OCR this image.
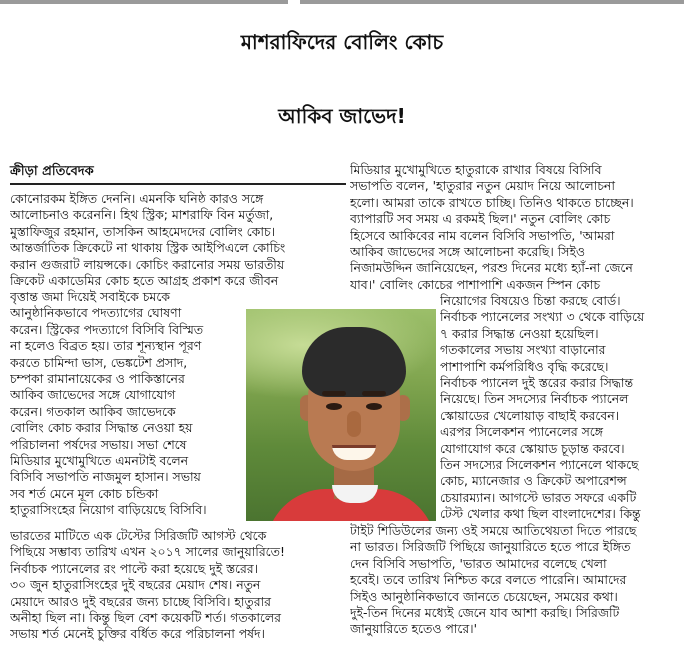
মাশরাফিদের বোলিং কোচ
আকিব জাভেদ!
ক্রীড়া প্রতিবেদক

কোনোরকম ইঙ্গিত দেননি। এমনকি ঘনিষ্ঠ কারও সঙ্গে

আলোচনাও করেননি। হিথ স্ট্রিক; মাশরাফি বিন মর্তুজা,

মুস্তাফিজুর রহমান, তাসকিন আহমেদদের বোলিং কোচ।

আন্তর্জাতিক ক্রিকেটে না থাকায় স্ট্রিক আইপিএলে কোচিং

করান গুজরাট লায়ন্সকে। কোচিং করানোর সময় ভারতীয়

ক্রিকেট একাডেমির কোচ হতে আগ্রহ প্রকাশ করে জীবন

বৃত্তান্ত জমা দিয়েই সবাইকে চমকে

আনুষ্ঠানিকভাবে পদত্যাগের ঘোষণা

করেন। স্ট্রিকের পদত্যাগে বিসিবি বিস্মিত

না হলেও বিব্রত হয়। তার শূন্যস্থান পূরণ

করতে চামিন্দা ভাস, ভেঙ্কটেশ প্রসাদ,

চম্পকা রামানায়েকের ও পাকিস্তানের

আকিব জাভেদের সঙ্গে যোগাযোগ

করেন। গতকাল আকিব জাভেদকে

বোলিং কোচ করার সিদ্ধান্ত নেওয়া হয়

পরিচালনা পর্ষদের সভায়। সভা শেষে

মিডিয়ার মুখোমুখিতে এমনটাই বলেন

বিসিবি সভাপতি নাজমুল হাসান। সভায়

সব শর্ত মেনে মূল কোচ চন্ডিকা

হাতুরাসিংহের নিয়োগ বাড়িয়েছে বিসিবি।

ভারতের মাটিতে এক টেস্টের সিরিজটি আগস্ট থেকে

পিছিয়ে সম্ভাব্য তারিখ এখন ২০১৭ সালের জানুয়ারিতে!

নির্বাচক প্যানেলের রং পাল্টে করা হয়েছে দুই স্তরের।

৩০ জুন হাতুরাসিংহের দুই বছরের মেয়াদ শেষ। নতুন

মেয়াদে আরও দুই বছরের জন্য চাচ্ছে বিসিবি। হাতুরার

অনীহা ছিল না। কিন্তু ছিল বেশ কয়েকটি শর্ত। গতকালের

সভায় শর্ত মেনেই চুক্তির বর্ধিত করে পরিচালনা পর্ষদ।

মিডিয়ার মুখোমুখিতে হাতুরাকে রাখার বিষয়ে বিসিবি

সভাপতি বলেন, 'হাতুরার নতুন মেয়াদ নিয়ে আলোচনা

হলো। আমরা তাকে রাখতে চাচ্ছি। তিনিও থাকতে চাচ্ছেন।

ব্যাপারটি সব সময় এ রকমই ছিল।' নতুন বোলিং কোচ

হিসেবে আকিবের নাম বলেন বিসিবি সভাপতি, 'আমরা

আকিব জাভেদের সঙ্গে আলোচনা করেছি। সিইও

নিজামউদ্দিন জানিয়েছেন, পরশু দিনের মধ্যে হ্যাঁ-না জেনে

যাব।' বোলিং কোচের পাশাপাশি একজন স্পিন কোচ

নিয়োগের বিষয়েও চিন্তা করছে বোর্ড।

নির্বাচক প্যানেলের সংখ্যা ৩ থেকে বাড়িয়ে

৭ করার সিদ্ধান্ত নেওয়া হয়েছিল।

গতকালের সভায় সংখ্যা বাড়ানোর

পাশাপাশি কর্মপরিধিও বৃদ্ধি করেছে।

নির্বাচক প্যানেল দুই স্তরের করার সিদ্ধান্ত

নিয়েছে। তিন সদস্যের নির্বাচক প্যানেল

স্কোয়াডের খেলোয়াড় বাছাই করবেন।

এরপর সিলেকশন প্যানেলের সঙ্গে

যোগাযোগ করে স্কোয়াড চূড়ান্ত করবে।

তিন সদস্যের সিলেকশন প্যানেলে থাকছে

কোচ, ম্যানেজার ও ক্রিকেট অপারেশন্স

চেয়ারম্যান। আগস্টে ভারত সফরে একটি

টেস্ট খেলার কথা ছিল বাংলাদেশের। কিন্তু

টাইট শিডিউলের জন্য ওই সময়ে আতিথেয়তা দিতে পারছে

না ভারত। সিরিজটি পিছিয়ে জানুয়ারিতে হতে পারে ইঙ্গিত

দেন বিসিবি সভাপতি, 'ভারত আমাদের বলেছে খেলা

হবেই। তবে তারিখ নিশ্চিত করে বলতে পারেনি। আমাদের

সিইও আনুষ্ঠানিকভাবে জানতে চেয়েছেন, সময়ের কথা।

দুই-তিন দিনের মধ্যেই জেনে যাব আশা করছি। সিরিজটি

জানুয়ারিতে হতেও পারে।'
